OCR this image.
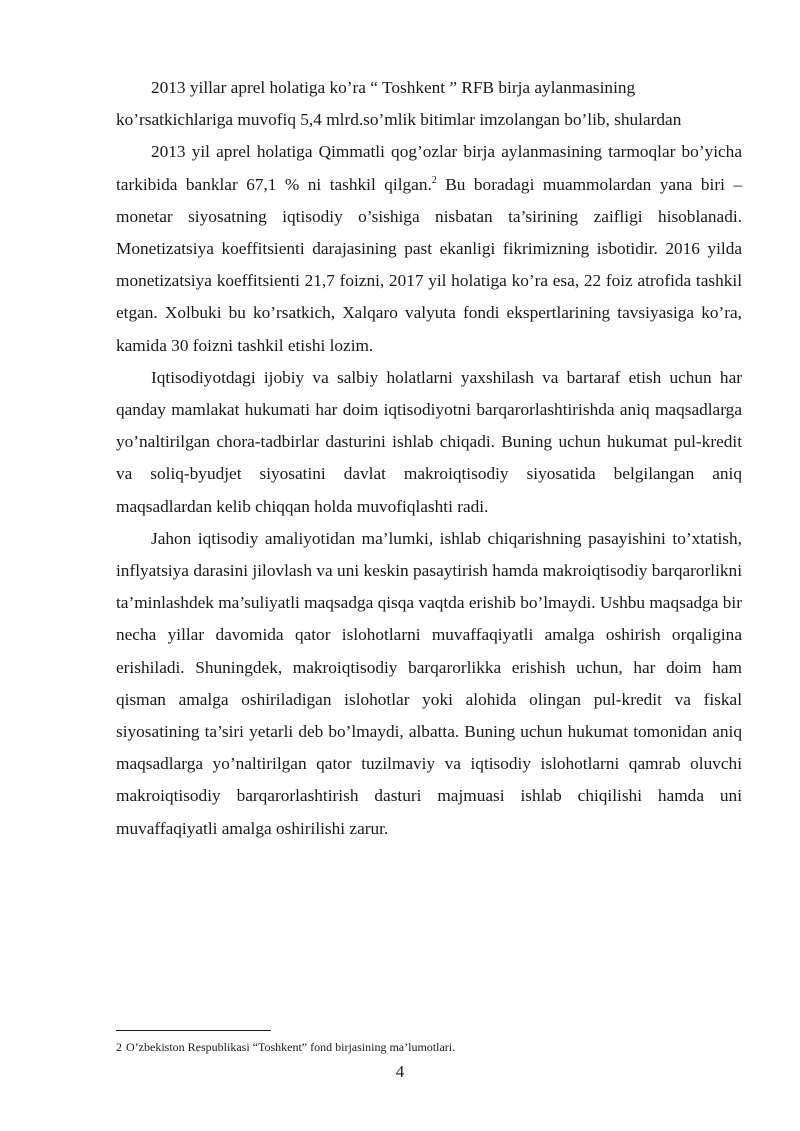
2013 yillar aprel holatiga ko’ra “ Toshkent ” RFB birja aylanmasining ko’rsatkichlariga muvofiq 5,4 mlrd.so’mlik bitimlar imzolangan bo’lib, shulardan

2013 yil aprel holatiga Qimmatli qog’ozlar birja aylanmasining tarmoqlar bo’yicha tarkibida banklar 67,1 % ni tashkil qilgan.$^2$ Bu boradagi muammolardan yana biri – monetar siyosatning iqtisodiy o’sishiga nisbatan ta’sirining zaifligi hisoblanadi. Monetizatsiya koeffitsienti darajasining past ekanligi fikrimizning isbotidir. 2016 yilda monetizatsiya koeffitsienti 21,7 foizni, 2017 yil holatiga ko’ra esa, 22 foiz atrofida tashkil etgan. Xolbuki bu ko’rsatkich, Xalqaro valyuta fondi ekspertlarining tavsiyasiga ko’ra, kamida 30 foizni tashkil etishi lozim.

Iqtisodiyotdagi ijobiy va salbiy holatlarni yaxshilash va bartaraf etish uchun har qanday mamlakat hukumati har doim iqtisodiyotni barqarorlashtirishda aniq maqsadlarga yo’naltirilgan chora-tadbirlar dasturini ishlab chiqadi. Buning uchun hukumat pul-kredit va soliq-byudjet siyosatini davlat makroiqtisodiy siyosatida belgilangan aniq maqsadlardan kelib chiqqan holda muvofiqlashti radi.

Jahon iqtisodiy amaliyotidan ma’lumki, ishlab chiqarishning pasayishini to’xtatish, inflyatsiya darasini jilovlash va uni keskin pasaytirish hamda makroiqtisodiy barqarorlikni ta’minlashdek ma’suliyatli maqsadga qisqa vaqtda erishib bo’lmaydi. Ushbu maqsadga bir necha yillar davomida qator islohotlarni muvaffaqiyatli amalga oshirish orqaligina erishiladi. Shuningdek, makroiqtisodiy barqarorlikka erishish uchun, har doim ham qisman amalga oshiriladigan islohotlar yoki alohida olingan pul-kredit va fiskal siyosatining ta’siri yetarli deb bo’lmaydi, albatta. Buning uchun hukumat tomonidan aniq maqsadlarga yo’naltirilgan qator tuzilmaviy va iqtisodiy islohotlarni qamrab oluvchi makroiqtisodiy barqarorlashtirish dasturi majmuasi ishlab chiqilishi hamda uni muvaffaqiyatli amalga oshirilishi zarur.

2 O’zbekiston Respublikasi “Toshkent” fond birjasining ma’lumotlari.
4
